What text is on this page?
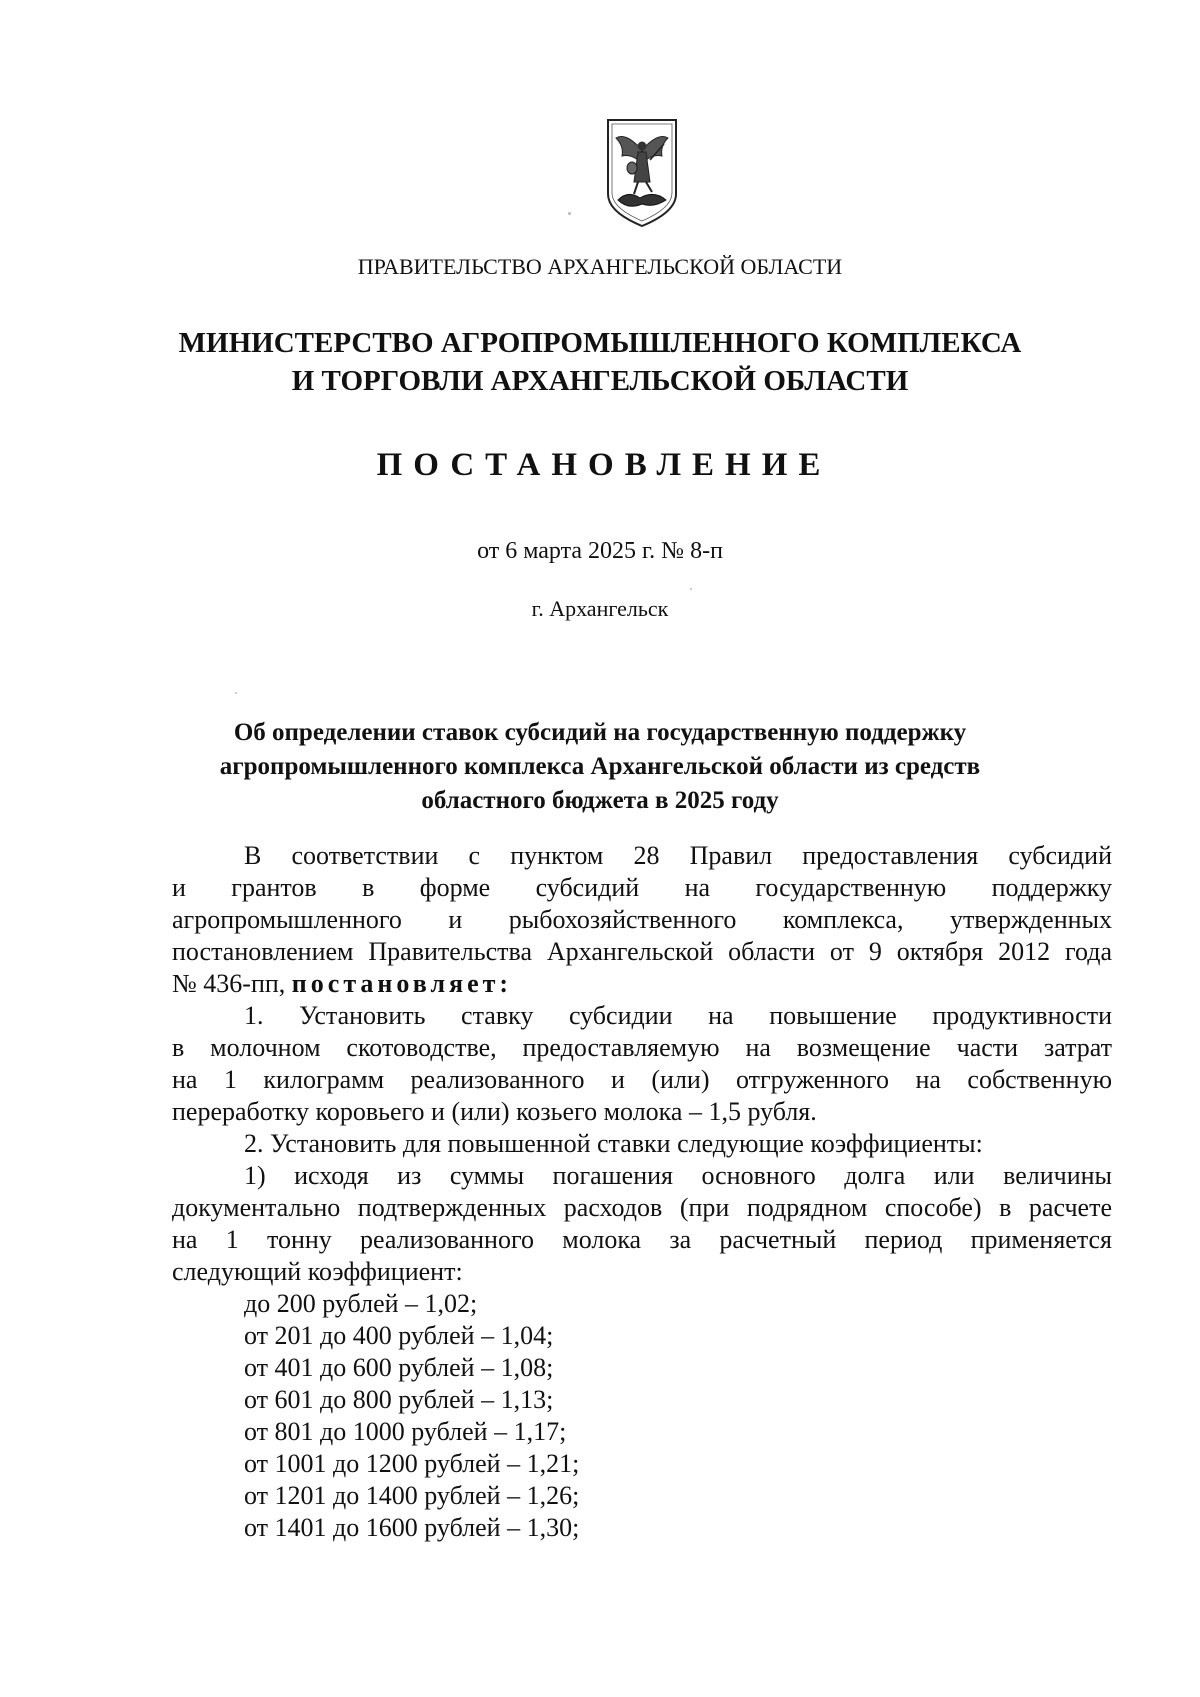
ПРАВИТЕЛЬСТВО АРХАНГЕЛЬСКОЙ ОБЛАСТИ
МИНИСТЕРСТВО АГРОПРОМЫШЛЕННОГО КОМПЛЕКСА
И ТОРГОВЛИ АРХАНГЕЛЬСКОЙ ОБЛАСТИ
ПОСТАНОВЛЕНИЕ
от 6 марта 2025 г. № 8-п
г. Архангельск
Об определении ставок субсидий на государственную поддержку
агропромышленного комплекса Архангельской области из средств
областного бюджета в 2025 году

В соответствии с пунктом 28 Правил предоставления субсидий
и грантов в форме субсидий на государственную поддержку
агропромышленного и рыбохозяйственного комплекса, утвержденных
постановлением Правительства Архангельской области от 9 октября 2012 года
№ 436-пп, постановляет:

1. Установить ставку субсидии на повышение продуктивности
в молочном скотоводстве, предоставляемую на возмещение части затрат
на 1 килограмм реализованного и (или) отгруженного на собственную
переработку коровьего и (или) козьего молока – 1,5 рубля.

2. Установить для повышенной ставки следующие коэффициенты:

1) исходя из суммы погашения основного долга или величины
документально подтвержденных расходов (при подрядном способе) в расчете
на 1 тонну реализованного молока за расчетный период применяется
следующий коэффициент:

до 200 рублей – 1,02;

от 201 до 400 рублей – 1,04;

от 401 до 600 рублей – 1,08;

от 601 до 800 рублей – 1,13;

от 801 до 1000 рублей – 1,17;

от 1001 до 1200 рублей – 1,21;

от 1201 до 1400 рублей – 1,26;

от 1401 до 1600 рублей – 1,30;
